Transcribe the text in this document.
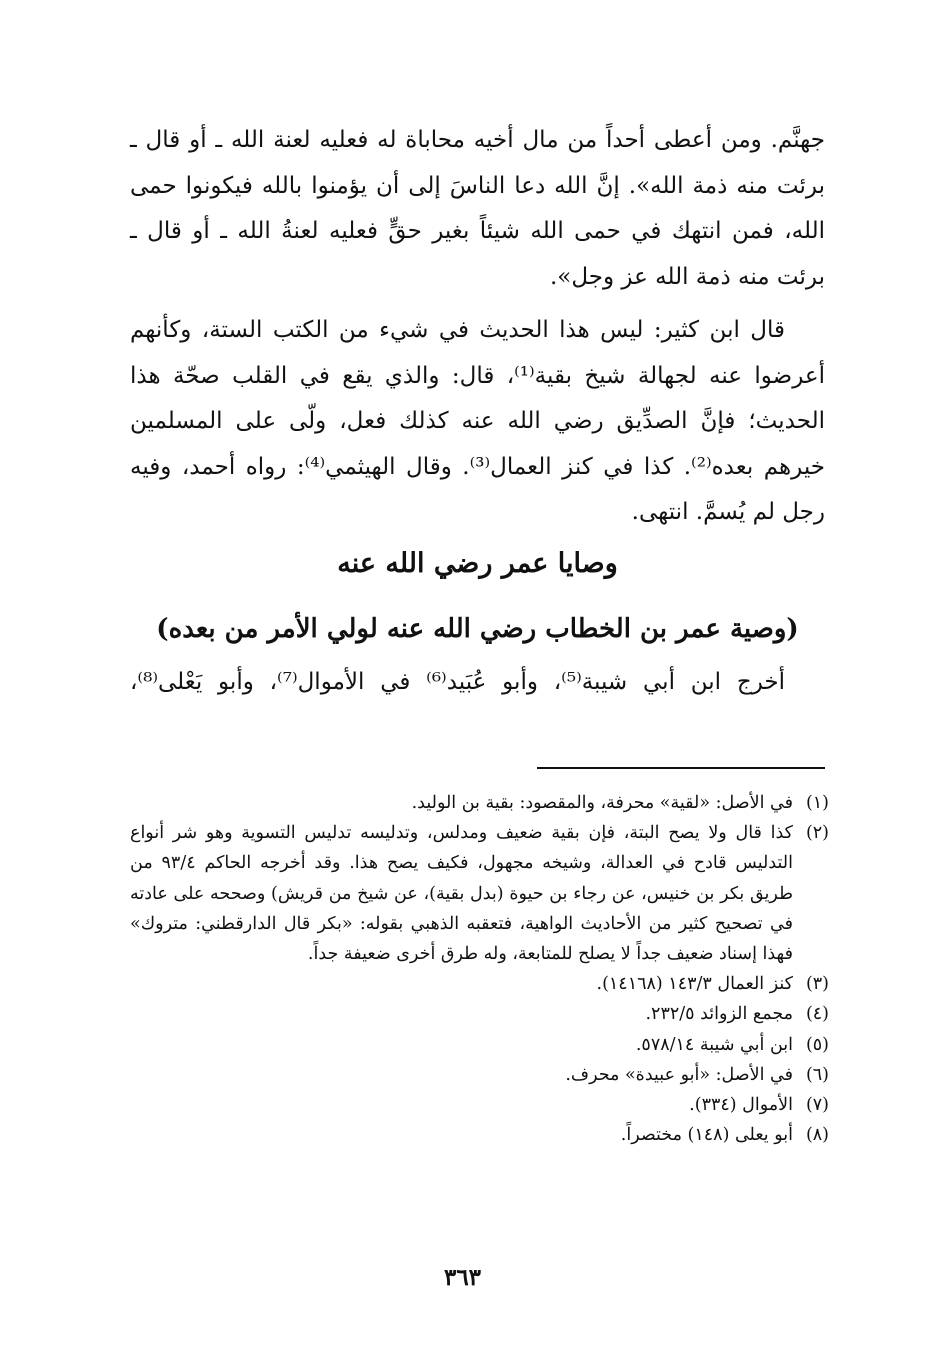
جهنَّم. ومن أعطى أحداً من مال أخيه محاباة له فعليه لعنة الله ـ أو قال ـ برئت منه ذمة الله». إنَّ الله دعا الناسَ إلى أن يؤمنوا بالله فيكونوا حمى الله، فمن انتهك في حمى الله شيئاً بغير حقٍّ فعليه لعنةُ الله ـ أو قال ـ برئت منه ذمة الله عز وجل».

قال ابن كثير: ليس هذا الحديث في شيء من الكتب الستة، وكأنهم أعرضوا عنه لجهالة شيخ بقية⁽¹⁾، قال: والذي يقع في القلب صحّة هذا الحديث؛ فإنَّ الصدِّيق رضي الله عنه كذلك فعل، ولّى على المسلمين خيرهم بعده⁽²⁾. كذا في كنز العمال⁽³⁾. وقال الهيثمي⁽⁴⁾: رواه أحمد، وفيه رجل لم يُسمَّ. انتهى.

وصايا عمر رضي الله عنه
(وصية عمر بن الخطاب رضي الله عنه لولي الأمر من بعده)
أخرج ابن أبي شيبة⁽⁵⁾، وأبو عُبَيد⁽⁶⁾ في الأموال⁽⁷⁾، وأبو يَعْلى⁽⁸⁾،
(١)
في الأصل: «لقية» محرفة، والمقصود: بقية بن الوليد.
(٢)
كذا قال ولا يصح البتة، فإن بقية ضعيف ومدلس، وتدليسه تدليس التسوية وهو شر أنواع التدليس قادح في العدالة، وشيخه مجهول، فكيف يصح هذا. وقد أخرجه الحاكم ٩٣/٤ من طريق بكر بن خنيس، عن رجاء بن حيوة (بدل بقية)، عن شيخ من قريش) وصححه على عادته في تصحيح كثير من الأحاديث الواهية، فتعقبه الذهبي بقوله: «بكر قال الدارقطني: متروك» فهذا إسناد ضعيف جداً لا يصلح للمتابعة، وله طرق أخرى ضعيفة جداً.
(٣)
كنز العمال ١٤٣/٣ (١٤١٦٨).
(٤)
مجمع الزوائد ٢٣٢/٥.
(٥)
ابن أبي شيبة ٥٧٨/١٤.
(٦)
في الأصل: «أبو عبيدة» محرف.
(٧)
الأموال (٣٣٤).
(٨)
أبو يعلى (١٤٨) مختصراً.
٣٦٣
